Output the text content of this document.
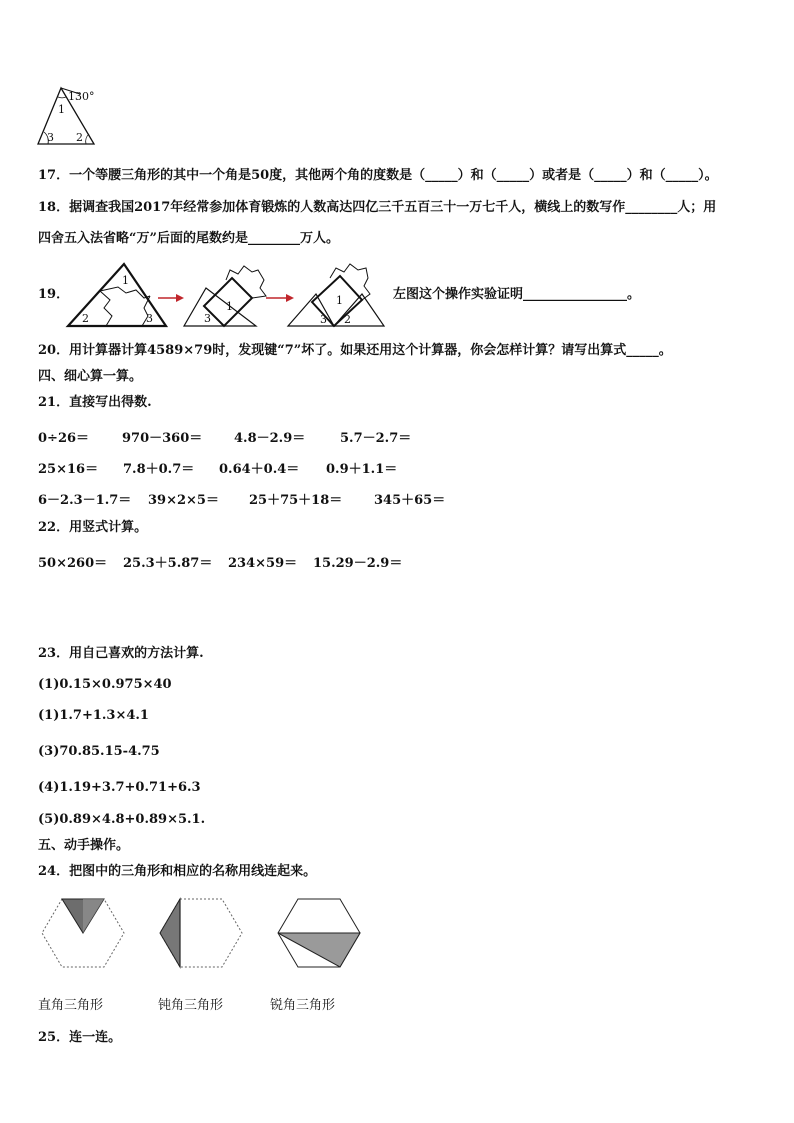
130°
1
3 2
17．一个等腰三角形的其中一个角是50度，其他两个角的度数是（_____）和（_____）或者是（_____）和（_____）。
18．据调查我国2017年经常参加体育锻炼的人数高达四亿三千五百三十一万七千人，横线上的数写作________人；用
四舍五入法省略“万”后面的尾数约是________万人。
19．
1
2	3
1
3
1
3 2
左图这个操作实验证明________________。
20．用计算器计算4589×79时，发现键“7”坏了。如果还用这个计算器，你会怎样计算？请写出算式_____。
四、细心算一算。
21．直接写出得数.
0÷26＝	970－360＝ 4.8－2.9＝	5.7－2.7＝
25×16＝ 7.8＋0.7＝ 0.64＋0.4＝ 0.9＋1.1＝
6－2.3－1.7＝ 39×2×5＝ 25＋75＋18＝ 345＋65＝
22．用竖式计算。
50×260＝ 25.3＋5.87＝ 234×59＝ 15.29－2.9＝
23．用自己喜欢的方法计算.
(1)0.15×0.975×40
(1)1.7+1.3×4.1
(3)70.85.15-4.75
(4)1.19+3.7+0.71+6.3
(5)0.89×4.8+0.89×5.1.
五、动手操作。
24．把图中的三角形和相应的名称用线连起来。
直角三角形	钝角三角形	锐角三角形
25．连一连。
